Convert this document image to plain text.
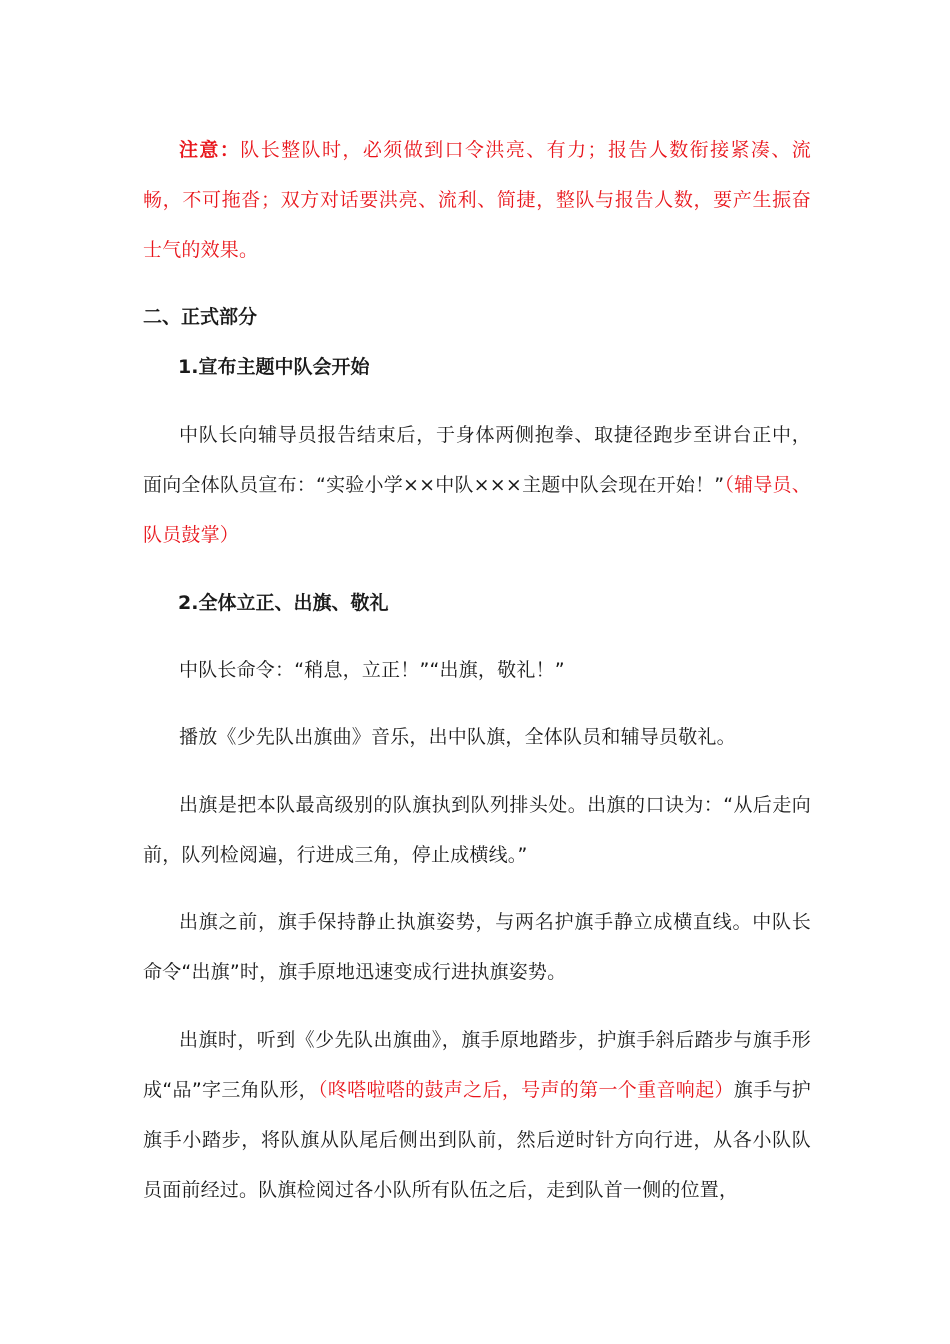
注意：队长整队时，必须做到口令洪亮、有力；报告人数衔接紧凑、流畅，不可拖沓；双方对话要洪亮、流利、简捷，整队与报告人数，要产生振奋士气的效果。

二、正式部分

1.宣布主题中队会开始

中队长向辅导员报告结束后，于身体两侧抱拳、取捷径跑步至讲台正中，面向全体队员宣布：“实验小学××中队×××主题中队会现在开始！”（辅导员、队员鼓掌）

2.全体立正、出旗、敬礼

中队长命令：“稍息，立正！”“出旗，敬礼！”

播放《少先队出旗曲》音乐，出中队旗，全体队员和辅导员敬礼。

出旗是把本队最高级别的队旗执到队列排头处。出旗的口诀为：“从后走向前，队列检阅遍，行进成三角，停止成横线。”

出旗之前，旗手保持静止执旗姿势，与两名护旗手静立成横直线。中队长命令“出旗”时，旗手原地迅速变成行进执旗姿势。

出旗时，听到《少先队出旗曲》，旗手原地踏步，护旗手斜后踏步与旗手形成“品”字三角队形，（咚嗒啦嗒的鼓声之后，号声的第一个重音响起）旗手与护旗手小踏步，将队旗从队尾后侧出到队前，然后逆时针方向行进，从各小队队员面前经过。队旗检阅过各小队所有队伍之后，走到队首一侧的位置，
